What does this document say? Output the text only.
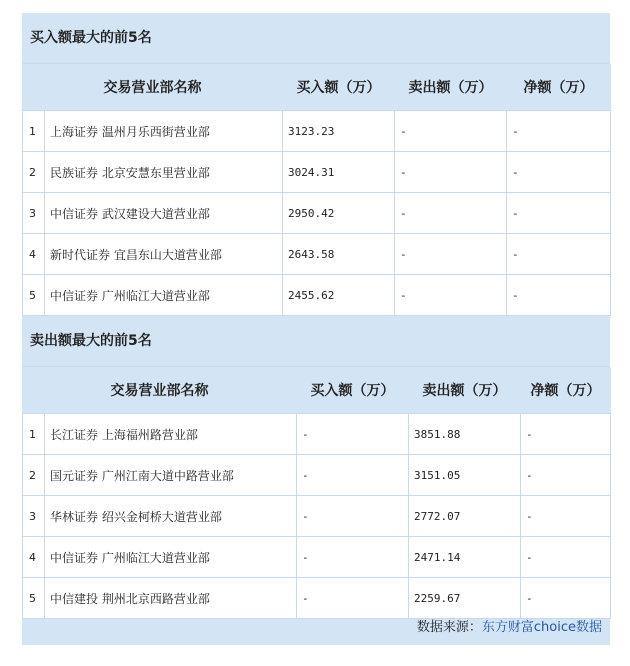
买入额最大的前5名
交易营业部名称		买入额（万）	卖出额（万）	净额（万）
1	上海证券 温州月乐西街营业部	3123.23	-	-
2	民族证券 北京安慧东里营业部	3024.31	-	-
3	中信证券 武汉建设大道营业部	2950.42	-	-
4	新时代证券 宜昌东山大道营业部	2643.58	-	-
5	中信证券 广州临江大道营业部	2455.62	-	-
卖出额最大的前5名
交易营业部名称		买入额（万）	卖出额（万）	净额（万）
1	长江证券 上海福州路营业部	-	3851.88	-
2	国元证券 广州江南大道中路营业部	-	3151.05	-
3	华林证券 绍兴金柯桥大道营业部	-	2772.07	-
4	中信证券 广州临江大道营业部	-	2471.14	-
5	中信建投 荆州北京西路营业部	-	2259.67	-
数据来源：东方财富choice数据
